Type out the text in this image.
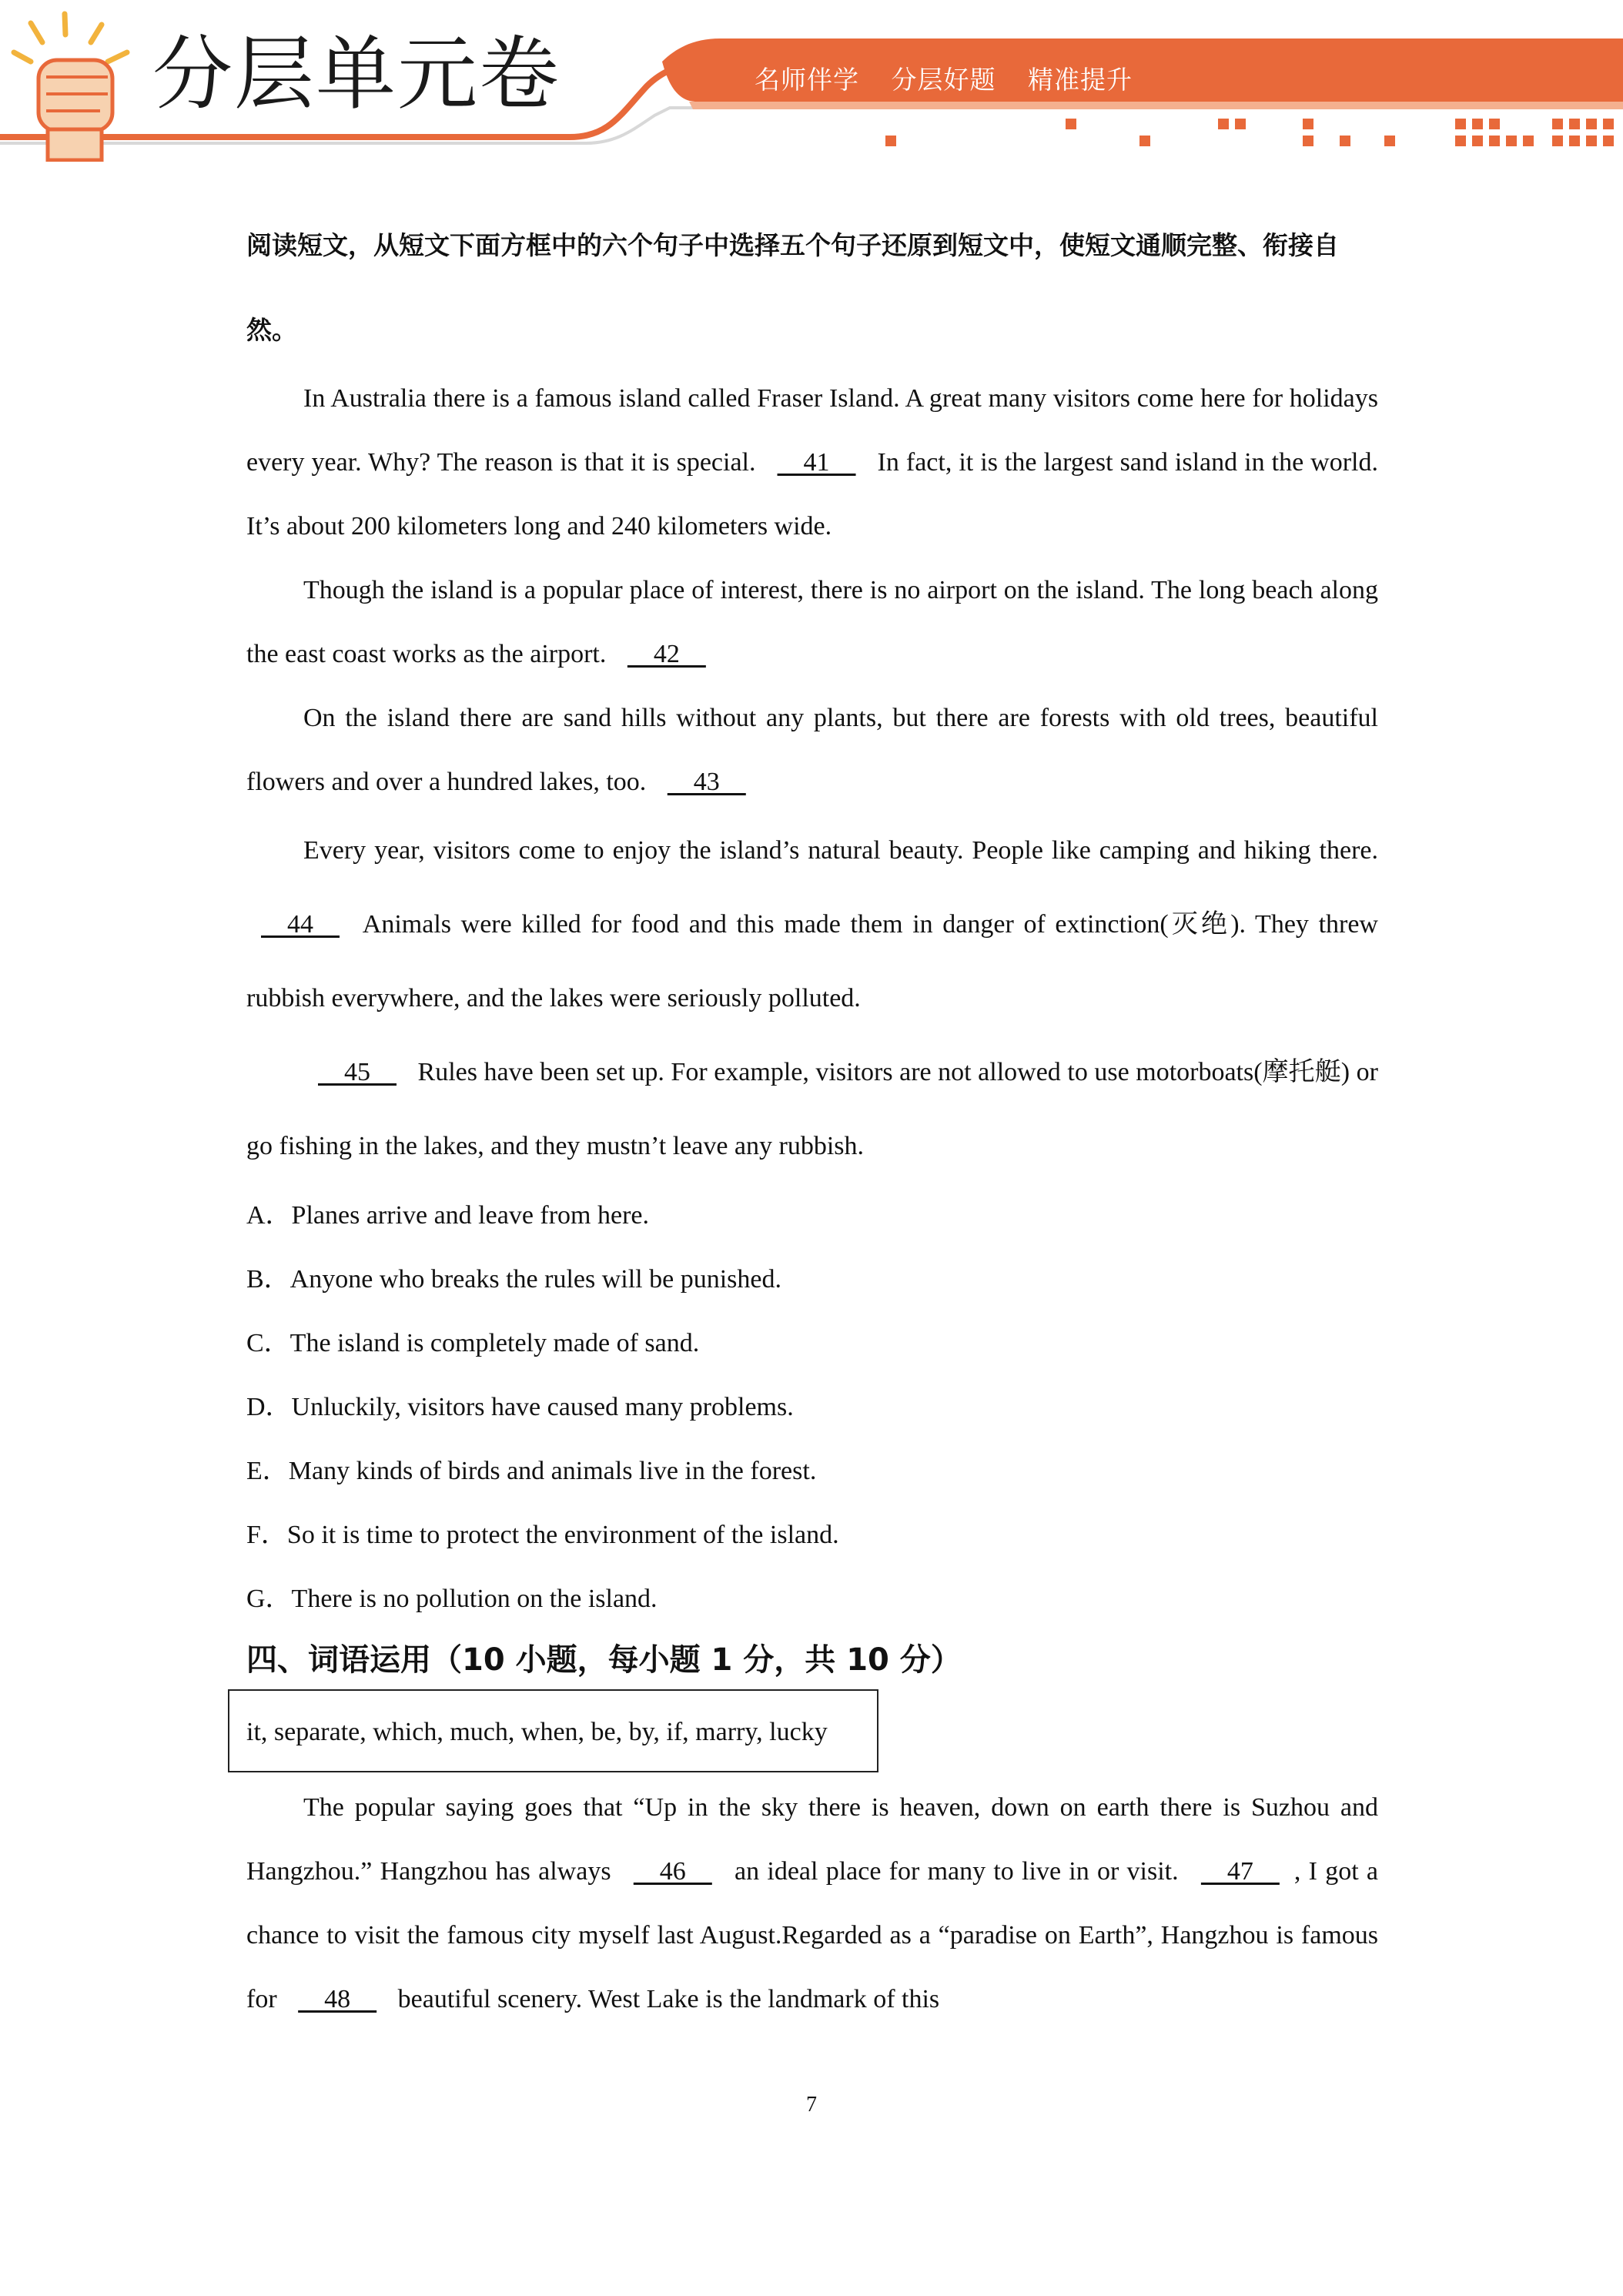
分层单元卷	名师伴学 分层好题 精准提升

阅读短文，从短文下面方框中的六个句子中选择五个句子还原到短文中，使短文通顺完整、衔接自然。

In Australia there is a famous island called Fraser Island. A great many visitors come here for holidays every year. Why? The reason is that it is special.     41     In fact, it is the largest sand island in the world. It’s about 200 kilometers long and 240 kilometers wide.

Though the island is a popular place of interest, there is no airport on the island. The long beach along the east coast works as the airport.     42

On the island there are sand hills without any plants, but there are forests with old trees, beautiful flowers and over a hundred lakes, too.     43

Every year, visitors come to enjoy the island’s natural beauty. People like camping and hiking there.     44     Animals were killed for food and this made them in danger of extinction(灭绝). They threw rubbish everywhere, and the lakes were seriously polluted.

45     Rules have been set up. For example, visitors are not allowed to use motorboats(摩托艇) or go fishing in the lakes, and they mustn’t leave any rubbish.

A．Planes arrive and leave from here.
B．Anyone who breaks the rules will be punished.
C．The island is completely made of sand.
D．Unluckily, visitors have caused many problems.
E．Many kinds of birds and animals live in the forest.
F．So it is time to protect the environment of the island.
G．There is no pollution on the island.
四、词语运用（10 小题，每小题 1 分，共 10 分）
it, separate, which, much, when, be, by, if, marry, lucky

The popular saying goes that “Up in the sky there is heaven, down on earth there is Suzhou and Hangzhou.” Hangzhou has always     46     an ideal place for many to live in or visit.     47    , I got a chance to visit the famous city myself last August.Regarded as a “paradise on Earth”, Hangzhou is famous for     48     beautiful scenery. West Lake is the landmark of this

7
